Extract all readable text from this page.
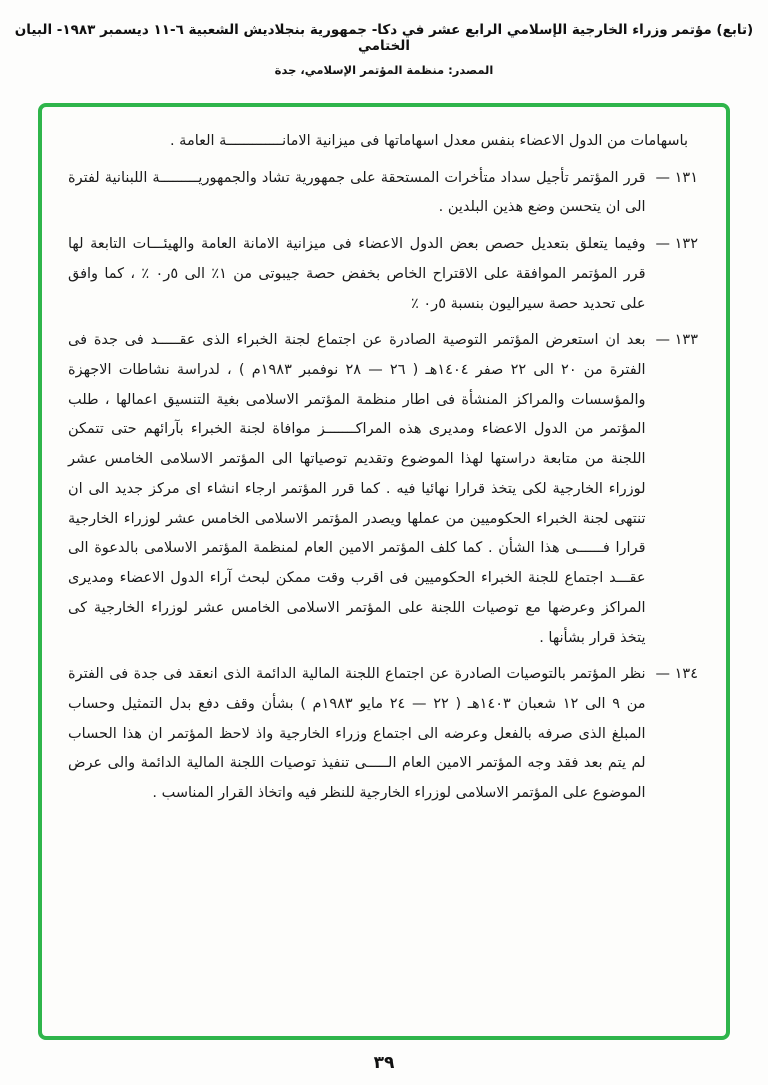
(تابع) مؤتمر وزراء الخارجية الإسلامي الرابع عشر في دكا- جمهورية بنجلاديش الشعبية ٦-١١ ديسمبر ١٩٨٣- البيان الختامي
المصدر: منظمة المؤتمر الإسلامي، جدة
باسهامات من الدول الاعضاء بنفس معدل اسهاماتها فى ميزانية الامانـــــــــــــة العامة .
١٣١ —
قرر المؤتمر تأجيل سداد متأخرات المستحقة على جمهورية تشاد والجمهوريـــــــــة اللبنانية لفترة الى ان يتحسن وضع هذين البلدين .
١٣٢ —
وفيما يتعلق بتعديل حصص بعض الدول الاعضاء فى ميزانية الامانة العامة والهيئـــات التابعة لها قرر المؤتمر الموافقة على الاقتراح الخاص بخفض حصة جيبوتى من ١٪ الى ٥ر٠ ٪ ، كما وافق على تحديد حصة سيراليون بنسبة ٥ر٠ ٪
١٣٣ —
بعد ان استعرض المؤتمر التوصية الصادرة عن اجتماع لجنة الخبراء الذى عقـــــد فى جدة فى الفترة من ٢٠ الى ٢٢ صفر ١٤٠٤هـ ( ٢٦ — ٢٨ نوفمبر ١٩٨٣م ) ، لدراسة نشاطات الاجهزة والمؤسسات والمراكز المنشأة فى اطار منظمة المؤتمر الاسلامى بغية التنسيق اعمالها ، طلب المؤتمر من الدول الاعضاء ومديرى هذه المراكـــــــز موافاة لجنة الخبراء بآرائهم حتى تتمكن اللجنة من متابعة دراستها لهذا الموضوع وتقديم توصياتها الى المؤتمر الاسلامى الخامس عشر لوزراء الخارجية لكى يتخذ قرارا نهائيا فيه . كما قرر المؤتمر ارجاء انشاء اى مركز جديد الى ان تنتهى لجنة الخبراء الحكوميين من عملها ويصدر المؤتمر الاسلامى الخامس عشر لوزراء الخارجية قرارا فــــــى هذا الشأن . كما كلف المؤتمر الامين العام لمنظمة المؤتمر الاسلامى بالدعوة الى عقـــد اجتماع للجنة الخبراء الحكوميين فى اقرب وقت ممكن لبحث آراء الدول الاعضاء ومديرى المراكز وعرضها مع توصيات اللجنة على المؤتمر الاسلامى الخامس عشر لوزراء الخارجية كى يتخذ قرار بشأنها .
١٣٤ —
نظر المؤتمر بالتوصيات الصادرة عن اجتماع اللجنة المالية الدائمة الذى انعقد فى جدة فى الفترة من ٩ الى ١٢ شعبان ١٤٠٣هـ ( ٢٢ — ٢٤ مايو ١٩٨٣م ) بشأن وقف دفع بدل التمثيل وحساب المبلغ الذى صرفه بالفعل وعرضه الى اجتماع وزراء الخارجية واذ لاحظ المؤتمر ان هذا الحساب لم يتم بعد فقد وجه المؤتمر الامين العام الـــــى تنفيذ توصيات اللجنة المالية الدائمة والى عرض الموضوع على المؤتمر الاسلامى لوزراء الخارجية للنظر فيه واتخاذ القرار المناسب .
٣٩
